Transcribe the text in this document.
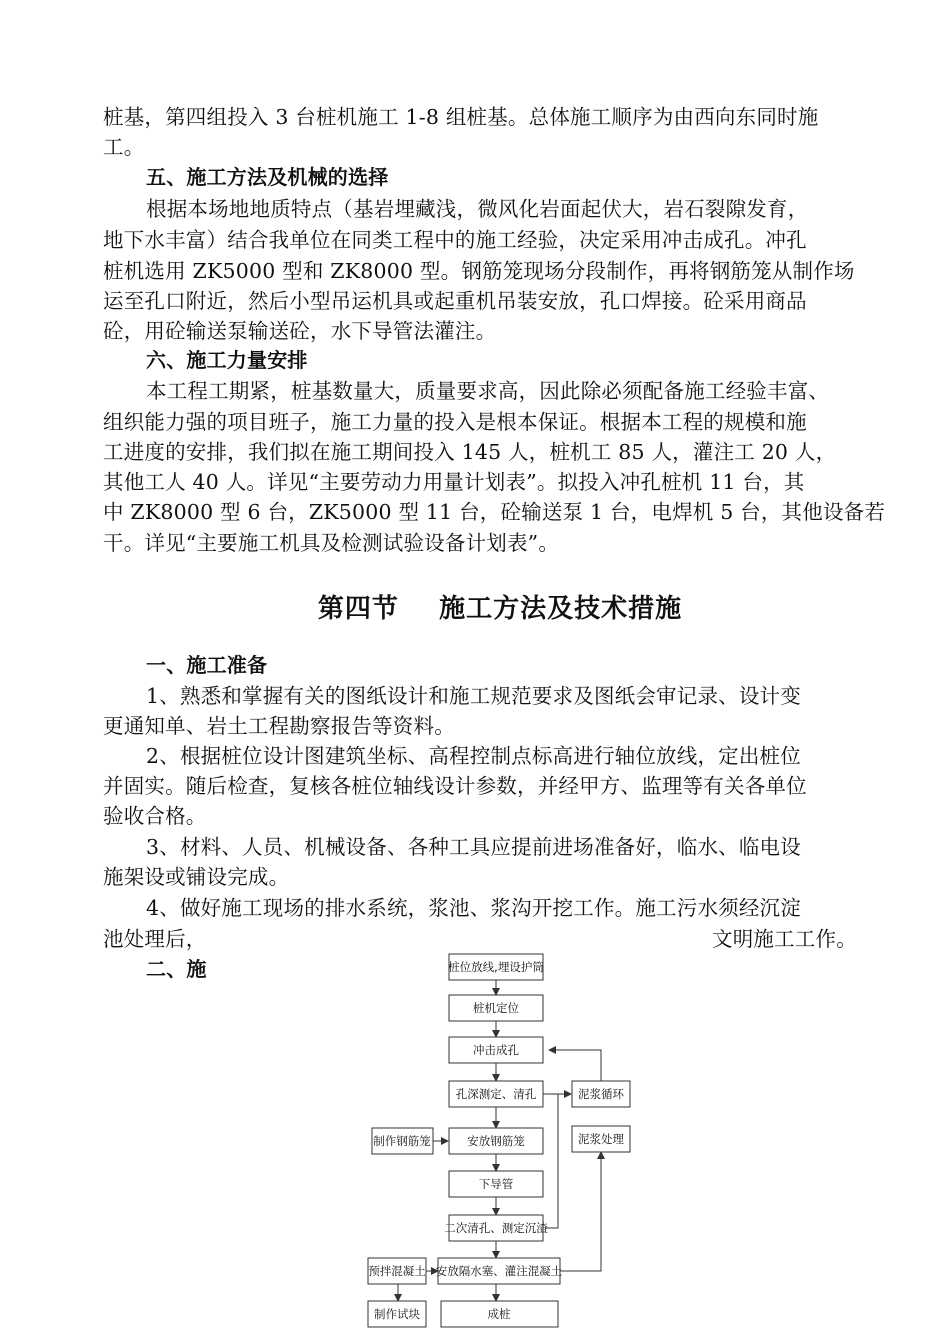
桩基，第四组投入 3 台桩机施工 1-8 组桩基。总体施工顺序为由西向东同时施
工。
五、施工方法及机械的选择
根据本场地地质特点（基岩埋藏浅，微风化岩面起伏大，岩石裂隙发育，
地下水丰富）结合我单位在同类工程中的施工经验，决定采用冲击成孔。冲孔
桩机选用 ZK5000 型和 ZK8000 型。钢筋笼现场分段制作，再将钢筋笼从制作场
运至孔口附近，然后小型吊运机具或起重机吊装安放，孔口焊接。砼采用商品
砼，用砼输送泵输送砼，水下导管法灌注。
六、施工力量安排
本工程工期紧，桩基数量大，质量要求高，因此除必须配备施工经验丰富、
组织能力强的项目班子，施工力量的投入是根本保证。根据本工程的规模和施
工进度的安排，我们拟在施工期间投入 145 人，桩机工 85 人，灌注工 20 人，
其他工人 40 人。详见“主要劳动力用量计划表”。拟投入冲孔桩机 11 台，其
中 ZK8000 型 6 台，ZK5000 型 11 台，砼输送泵 1 台，电焊机 5 台，其他设备若
干。详见“主要施工机具及检测试验设备计划表”。
第四节    施工方法及技术措施
一、施工准备
1、熟悉和掌握有关的图纸设计和施工规范要求及图纸会审记录、设计变
更通知单、岩土工程勘察报告等资料。
2、根据桩位设计图建筑坐标、高程控制点标高进行轴位放线，定出桩位
并固实。随后检查，复核各桩位轴线设计参数，并经甲方、监理等有关各单位
验收合格。
3、材料、人员、机械设备、各种工具应提前进场准备好，临水、临电设
施架设或铺设完成。
4、做好施工现场的排水系统，浆池、浆沟开挖工作。施工污水须经沉淀
池处理后，	文明施工工作。
二、施	桩位放线,埋设护筒
桩机定位
冲击成孔
孔深测定、清孔
安放钢筋笼
下导管
二次清孔、测定沉渣
安放隔水塞、灌注混凝土
成桩
制作钢筋笼
泥浆循环
泥浆处理
预拌混凝土
制作试块
